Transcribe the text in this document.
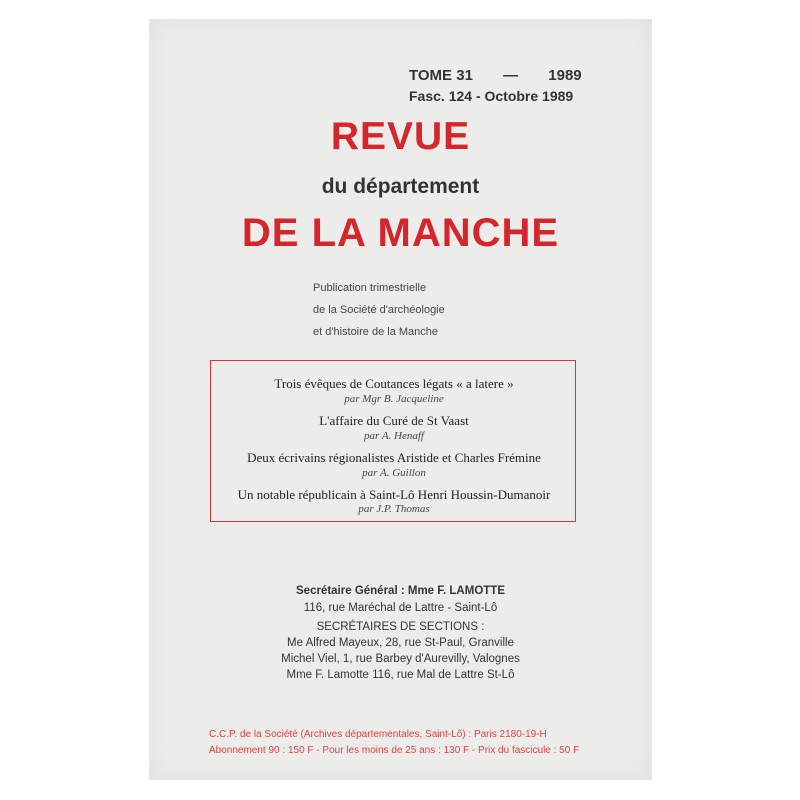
TOME 31 — 1989
Fasc. 124 - Octobre 1989
REVUE
du département
DE LA MANCHE
Publication trimestrielle
de la Société d'archéologie
et d'histoire de la Manche
Trois évêques de Coutances légats « a latere »
par Mgr B. Jacqueline
L'affaire du Curé de St Vaast
par A. Henaff
Deux écrivains régionalistes Aristide et Charles Frémine
par A. Guillon
Un notable républicain à Saint-Lô Henri Houssin-Dumanoir
par J.P. Thomas
Secrétaire Général : Mme F. LAMOTTE
116, rue Maréchal de Lattre - Saint-Lô
SECRÉTAIRES DE SECTIONS :
Me Alfred Mayeux, 28, rue St-Paul, Granville
Michel Viel, 1, rue Barbey d'Aurevilly, Valognes
Mme F. Lamotte 116, rue Mal de Lattre St-Lô
C.C.P. de la Société (Archives départementales, Saint-Lô) : Paris 2180-19-H
Abonnement 90 : 150 F - Pour les moins de 25 ans : 130 F - Prix du fascicule : 50 F
